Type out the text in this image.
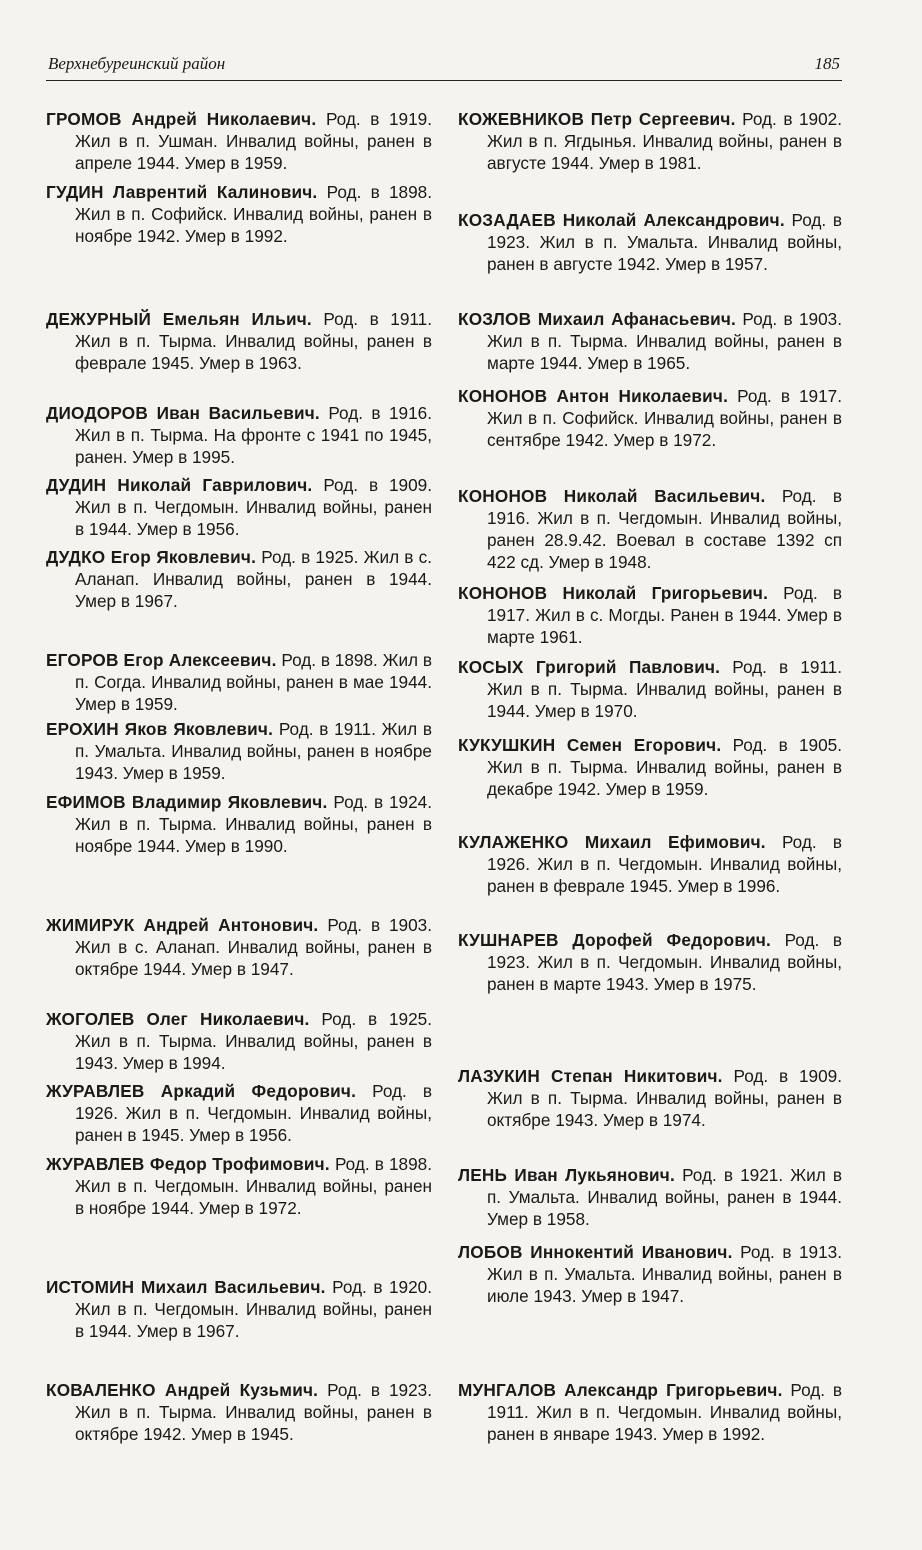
Верхнебуреинский район	185
ГРОМОВ Андрей Николаевич. Род. в 1919. Жил в п. Ушман. Инвалид войны, ранен в апреле 1944. Умер в 1959.
ГУДИН Лаврентий Калинович. Род. в 1898. Жил в п. Софийск. Инвалид войны, ранен в ноябре 1942. Умер в 1992.
ДЕЖУРНЫЙ Емельян Ильич. Род. в 1911. Жил в п. Тырма. Инвалид войны, ранен в феврале 1945. Умер в 1963.
ДИОДОРОВ Иван Васильевич. Род. в 1916. Жил в п. Тырма. На фронте с 1941 по 1945, ранен. Умер в 1995.
ДУДИН Николай Гаврилович. Род. в 1909. Жил в п. Чегдомын. Инвалид войны, ранен в 1944. Умер в 1956.
ДУДКО Егор Яковлевич. Род. в 1925. Жил в с. Аланап. Инвалид войны, ранен в 1944. Умер в 1967.
ЕГОРОВ Егор Алексеевич. Род. в 1898. Жил в п. Согда. Инвалид войны, ранен в мае 1944. Умер в 1959.
ЕРОХИН Яков Яковлевич. Род. в 1911. Жил в п. Умальта. Инвалид войны, ранен в ноябре 1943. Умер в 1959.
ЕФИМОВ Владимир Яковлевич. Род. в 1924. Жил в п. Тырма. Инвалид войны, ранен в ноябре 1944. Умер в 1990.
ЖИМИРУК Андрей Антонович. Род. в 1903. Жил в с. Аланап. Инвалид войны, ранен в октябре 1944. Умер в 1947.
ЖОГОЛЕВ Олег Николаевич. Род. в 1925. Жил в п. Тырма. Инвалид войны, ранен в 1943. Умер в 1994.
ЖУРАВЛЕВ Аркадий Федорович. Род. в 1926. Жил в п. Чегдомын. Инвалид войны, ранен в 1945. Умер в 1956.
ЖУРАВЛЕВ Федор Трофимович. Род. в 1898. Жил в п. Чегдомын. Инвалид войны, ранен в ноябре 1944. Умер в 1972.
ИСТОМИН Михаил Васильевич. Род. в 1920. Жил в п. Чегдомын. Инвалид войны, ранен в 1944. Умер в 1967.
КОВАЛЕНКО Андрей Кузьмич. Род. в 1923. Жил в п. Тырма. Инвалид войны, ранен в октябре 1942. Умер в 1945.
КОЖЕВНИКОВ Петр Сергеевич. Род. в 1902. Жил в п. Ягдынья. Инвалид войны, ранен в августе 1944. Умер в 1981.
КОЗАДАЕВ Николай Александрович. Род. в 1923. Жил в п. Умальта. Инвалид войны, ранен в августе 1942. Умер в 1957.
КОЗЛОВ Михаил Афанасьевич. Род. в 1903. Жил в п. Тырма. Инвалид войны, ранен в марте 1944. Умер в 1965.
КОНОНОВ Антон Николаевич. Род. в 1917. Жил в п. Софийск. Инвалид войны, ранен в сентябре 1942. Умер в 1972.
КОНОНОВ Николай Васильевич. Род. в 1916. Жил в п. Чегдомын. Инвалид войны, ранен 28.9.42. Воевал в составе 1392 сп 422 сд. Умер в 1948.
КОНОНОВ Николай Григорьевич. Род. в 1917. Жил в с. Могды. Ранен в 1944. Умер в марте 1961.
КОСЫХ Григорий Павлович. Род. в 1911. Жил в п. Тырма. Инвалид войны, ранен в 1944. Умер в 1970.
КУКУШКИН Семен Егорович. Род. в 1905. Жил в п. Тырма. Инвалид войны, ранен в декабре 1942. Умер в 1959.
КУЛАЖЕНКО Михаил Ефимович. Род. в 1926. Жил в п. Чегдомын. Инвалид войны, ранен в феврале 1945. Умер в 1996.
КУШНАРЕВ Дорофей Федорович. Род. в 1923. Жил в п. Чегдомын. Инвалид войны, ранен в марте 1943. Умер в 1975.
ЛАЗУКИН Степан Никитович. Род. в 1909. Жил в п. Тырма. Инвалид войны, ранен в октябре 1943. Умер в 1974.
ЛЕНЬ Иван Лукьянович. Род. в 1921. Жил в п. Умальта. Инвалид войны, ранен в 1944. Умер в 1958.
ЛОБОВ Иннокентий Иванович. Род. в 1913. Жил в п. Умальта. Инвалид войны, ранен в июле 1943. Умер в 1947.
МУНГАЛОВ Александр Григорьевич. Род. в 1911. Жил в п. Чегдомын. Инвалид войны, ранен в январе 1943. Умер в 1992.
